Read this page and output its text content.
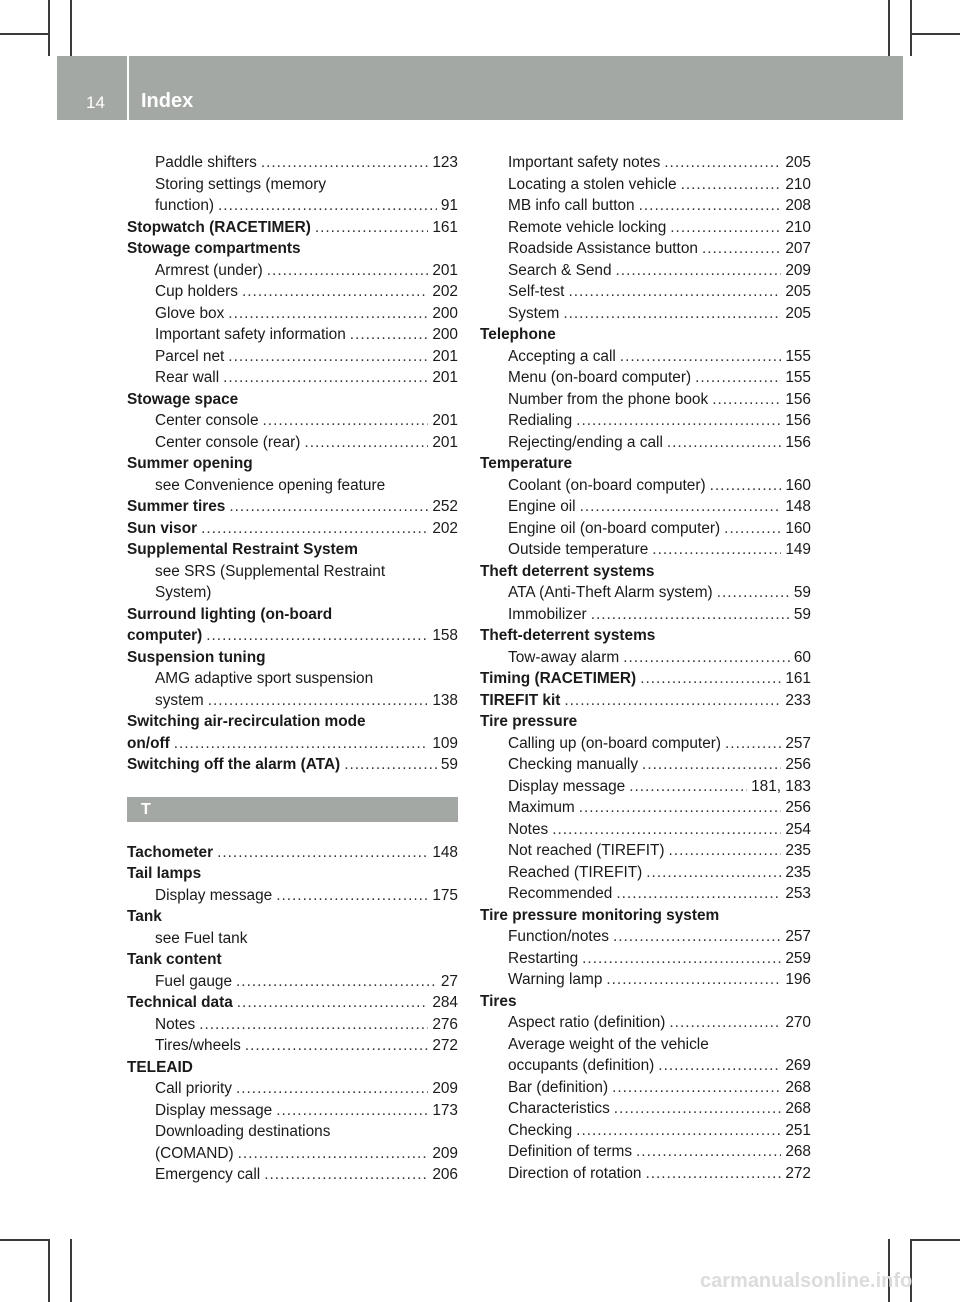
14 Index
Paddle shifters .....	123
Storing settings (memory
function) .....	91
Stopwatch (RACETIMER) .....	161
Stowage compartments
Armrest (under) .....	201
Cup holders .....	202
Glove box .....	200
Important safety information .....	200
Parcel net .....	201
Rear wall .....	201
Stowage space
Center console .....	201
Center console (rear) .....	201
Summer opening
see Convenience opening feature
Summer tires .....	252
Sun visor .....	202
Supplemental Restraint System
see SRS (Supplemental Restraint
System)
Surround lighting (on-board
computer) .....	158
Suspension tuning
AMG adaptive sport suspension
system .....	138
Switching air-recirculation mode
on/off .....	109
Switching off the alarm (ATA) .....	59
T
Tachometer .....	148
Tail lamps
Display message .....	175
Tank
see Fuel tank
Tank content
Fuel gauge .....	27
Technical data .....	284
Notes .....	276
Tires/wheels .....	272
TELEAID
Call priority .....	209
Display message .....	173
Downloading destinations
(COMAND) .....	209
Emergency call .....	206
Important safety notes .....	205
Locating a stolen vehicle .....	210
MB info call button .....	208
Remote vehicle locking .....	210
Roadside Assistance button .....	207
Search & Send .....	209
Self-test .....	205
System .....	205
Telephone
Accepting a call .....	155
Menu (on-board computer) .....	155
Number from the phone book .....	156
Redialing .....	156
Rejecting/ending a call .....	156
Temperature
Coolant (on-board computer) .....	160
Engine oil .....	148
Engine oil (on-board computer) .....	160
Outside temperature .....	149
Theft deterrent systems
ATA (Anti-Theft Alarm system) .....	59
Immobilizer .....	59
Theft-deterrent systems
Tow-away alarm .....	60
Timing (RACETIMER) .....	161
TIREFIT kit .....	233
Tire pressure
Calling up (on-board computer) .....	257
Checking manually .....	256
Display message .....	181, 183
Maximum .....	256
Notes .....	254
Not reached (TIREFIT) .....	235
Reached (TIREFIT) .....	235
Recommended .....	253
Tire pressure monitoring system
Function/notes .....	257
Restarting .....	259
Warning lamp .....	196
Tires
Aspect ratio (definition) .....	270
Average weight of the vehicle
occupants (definition) .....	269
Bar (definition) .....	268
Characteristics .....	268
Checking .....	251
Definition of terms .....	268
Direction of rotation .....	272
carmanualsonline.info
